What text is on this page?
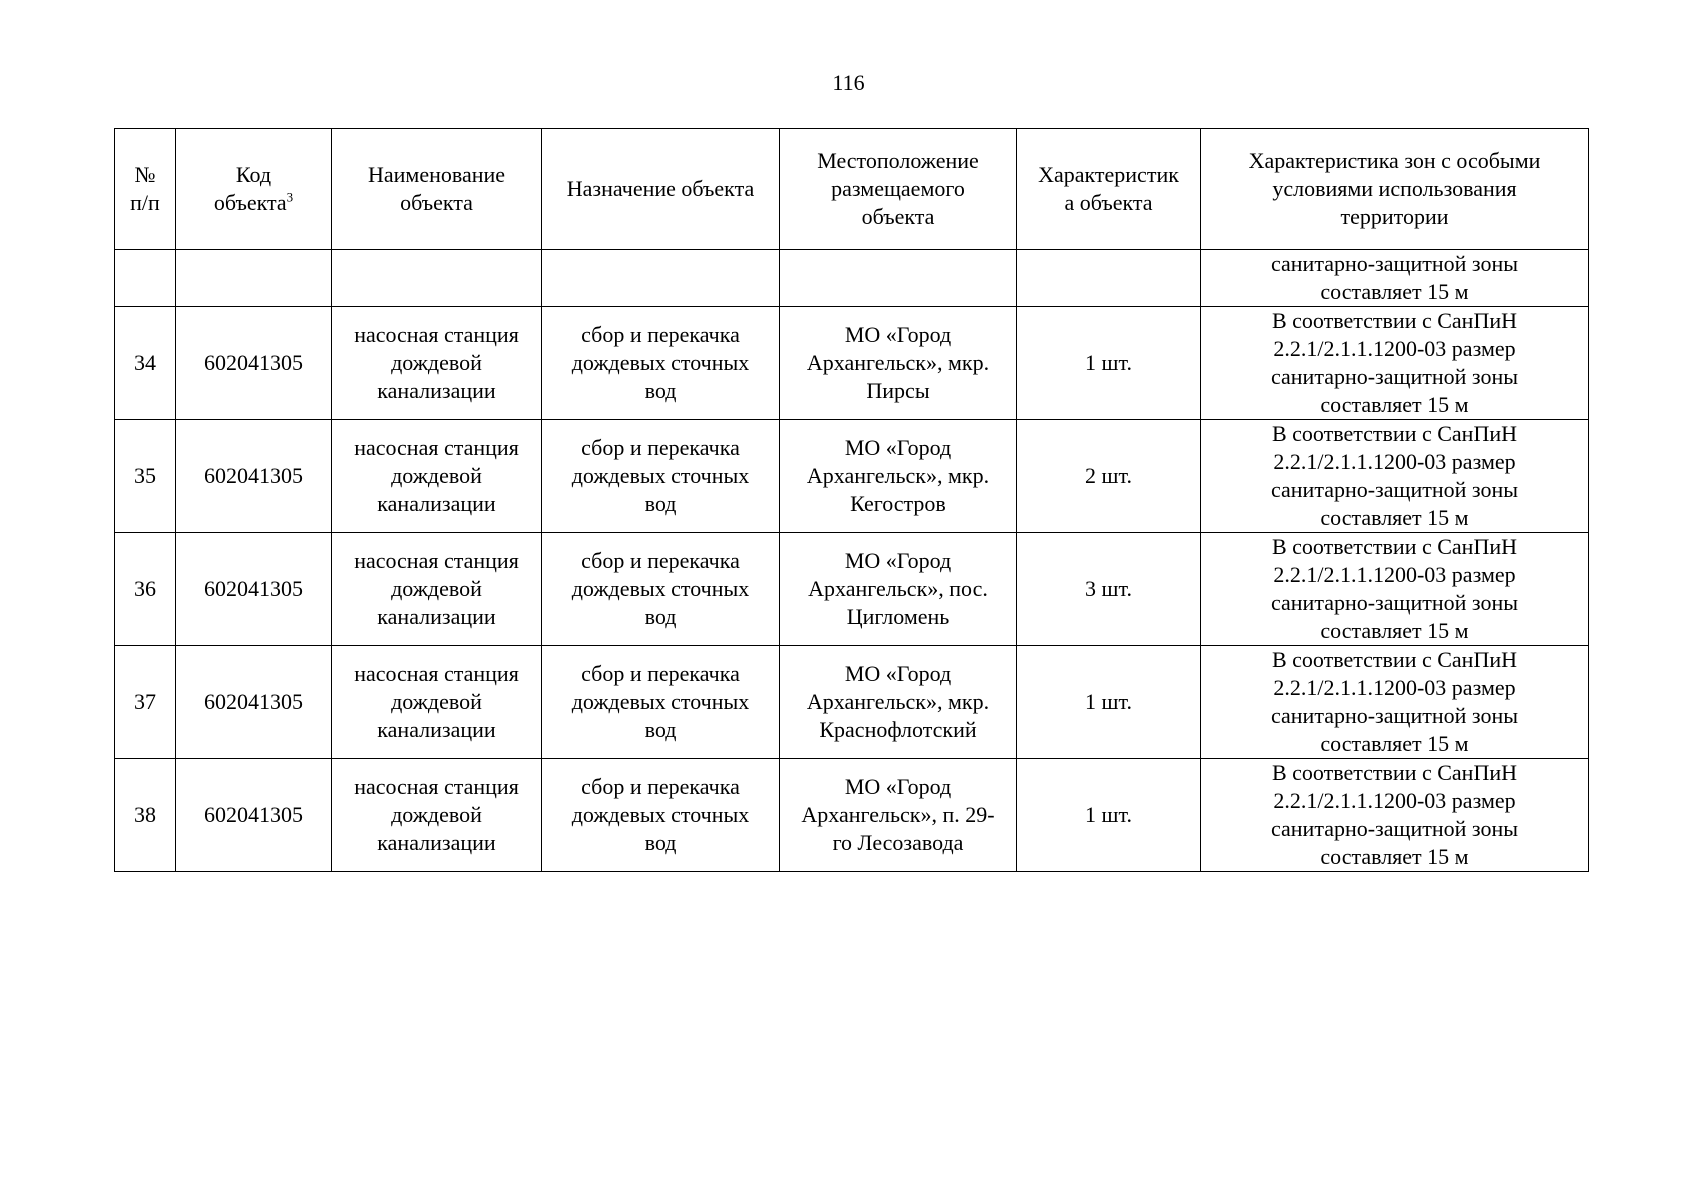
116
№
п/п	Код
объекта$^3$	Наименование
объекта	Назначение объекта	Местоположение
размещаемого
объекта	Характеристик
а объекта	Характеристика зон с особыми
условиями использования
территории
						санитарно-защитной зоны
составляет 15 м
34	602041305	насосная станция
дождевой
канализации	сбор и перекачка
дождевых сточных
вод	МО «Город
Архангельск», мкр.
Пирсы	1 шт.	В соответствии с СанПиН
2.2.1/2.1.1.1200-03 размер
санитарно-защитной зоны
составляет 15 м
35	602041305	насосная станция
дождевой
канализации	сбор и перекачка
дождевых сточных
вод	МО «Город
Архангельск», мкр.
Кегостров	2 шт.	В соответствии с СанПиН
2.2.1/2.1.1.1200-03 размер
санитарно-защитной зоны
составляет 15 м
36	602041305	насосная станция
дождевой
канализации	сбор и перекачка
дождевых сточных
вод	МО «Город
Архангельск», пос.
Цигломень	3 шт.	В соответствии с СанПиН
2.2.1/2.1.1.1200-03 размер
санитарно-защитной зоны
составляет 15 м
37	602041305	насосная станция
дождевой
канализации	сбор и перекачка
дождевых сточных
вод	МО «Город
Архангельск», мкр.
Краснофлотский	1 шт.	В соответствии с СанПиН
2.2.1/2.1.1.1200-03 размер
санитарно-защитной зоны
составляет 15 м
38	602041305	насосная станция
дождевой
канализации	сбор и перекачка
дождевых сточных
вод	МО «Город
Архангельск», п. 29-
го Лесозавода	1 шт.	В соответствии с СанПиН
2.2.1/2.1.1.1200-03 размер
санитарно-защитной зоны
составляет 15 м
